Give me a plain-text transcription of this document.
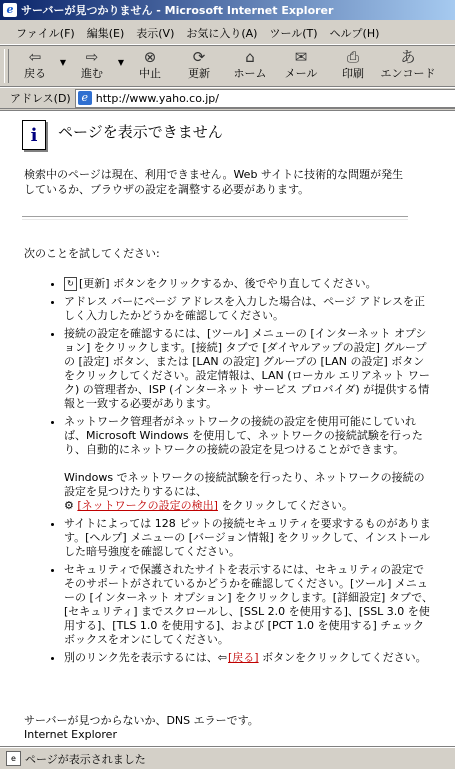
e サーバーが見つかりません - Microsoft Internet Explorer
ファイル(F)	編集(E)	表示(V)	お気に入り(A)	ツール(T)	ヘルプ(H)
⇦
戻る
▼ ⇨
進む
▼ ⊗
中止
⟳
更新
⌂
ホーム
✉
メール
⎙
印刷
あ
エンコード
アドレス(D) e http://www.yaho.co.jp/
i	ページを表示できません
検索中のページは現在、利用できません。Web サイトに技術的な問題が発生しているか、ブラウザの設定を調整する必要があります。
次のことを試してください:
• ↻ [更新] ボタンをクリックするか、後でやり直してください。
• アドレス バーにページ アドレスを入力した場合は、ページ アドレスを正しく入力したかどうかを確認してください。
• 接続の設定を確認するには、[ツール] メニューの [インターネット オプション] をクリックします。[接続] タブで [ダイヤルアップの設定] グループの [設定] ボタン、または [LAN の設定] グループの [LAN の設定] ボタンをクリックしてください。設定情報は、LAN (ローカル エリアネット ワーク) の管理者か、ISP (インターネット サービス プロバイダ) が提供する情報と一致する必要があります。
• ネットワーク管理者がネットワークの接続の設定を使用可能にしていれば、Microsoft Windows を使用して、ネットワークの接続試験を行ったり、自動的にネットワークの接続の設定を見つけることができます。

Windows でネットワークの接続試験を行ったり、ネットワークの接続の設定を見つけたりするには、
⚙ [ネットワークの設定の検出] をクリックしてください。
• サイトによっては 128 ビットの接続セキュリティを要求するものがあります。[ヘルプ] メニューの [バージョン情報] をクリックして、インストールした暗号強度を確認してください。
• セキュリティで保護されたサイトを表示するには、セキュリティの設定でそのサポートがされているかどうかを確認してください。[ツール] メニューの [インターネット オプション] をクリックします。[詳細設定] タブで、[セキュリティ] までスクロールし、[SSL 2.0 を使用する]、[SSL 3.0 を使用する]、[TLS 1.0 を使用する]、および [PCT 1.0 を使用する] チェック ボックスをオンにしてください。
• 別のリンク先を表示するには、⇦[戻る] ボタンをクリックしてください。
サーバーが見つからないか、DNS エラーです。
Internet Explorer
e ページが表示されました
